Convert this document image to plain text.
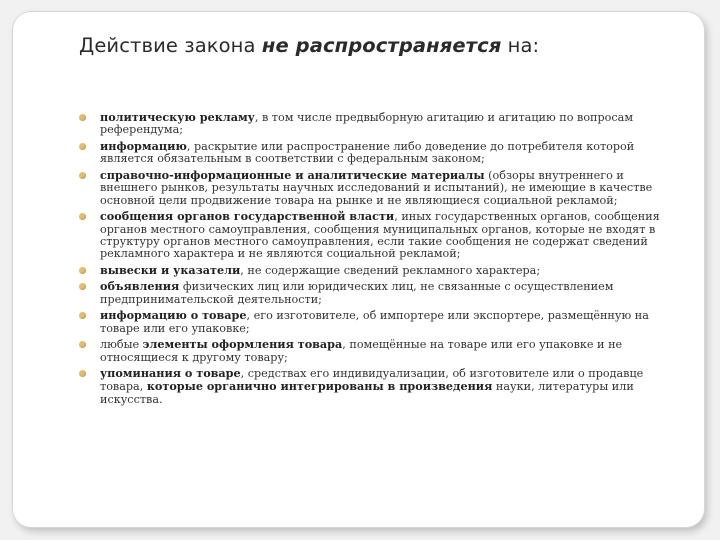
Действие закона не распространяется на:
политическую рекламу, в том числе предвыборную агитацию и агитацию по вопросам референдума;
информацию, раскрытие или распространение либо доведение до потребителя которой является обязательным в соответствии с федеральным законом;
справочно-информационные и аналитические материалы (обзоры внутреннего и внешнего рынков, результаты научных исследований и испытаний), не имеющие в качестве основной цели продвижение товара на рынке и не являющиеся социальной рекламой;
сообщения органов государственной власти, иных государственных органов, сообщения органов местного самоуправления, сообщения муниципальных органов, которые не входят в структуру органов местного самоуправления, если такие сообщения не содержат сведений рекламного характера и не являются социальной рекламой;
вывески и указатели, не содержащие сведений рекламного характера;
объявления физических лиц или юридических лиц, не связанные с осуществлением предпринимательской деятельности;
информацию о товаре, его изготовителе, об импортере или экспортере, размещённую на товаре или его упаковке;
любые элементы оформления товара, помещённые на товаре или его упаковке и не относящиеся к другому товару;
упоминания о товаре, средствах его индивидуализации, об изготовителе или о продавце товара, которые органично интегрированы в произведения науки, литературы или искусства.
